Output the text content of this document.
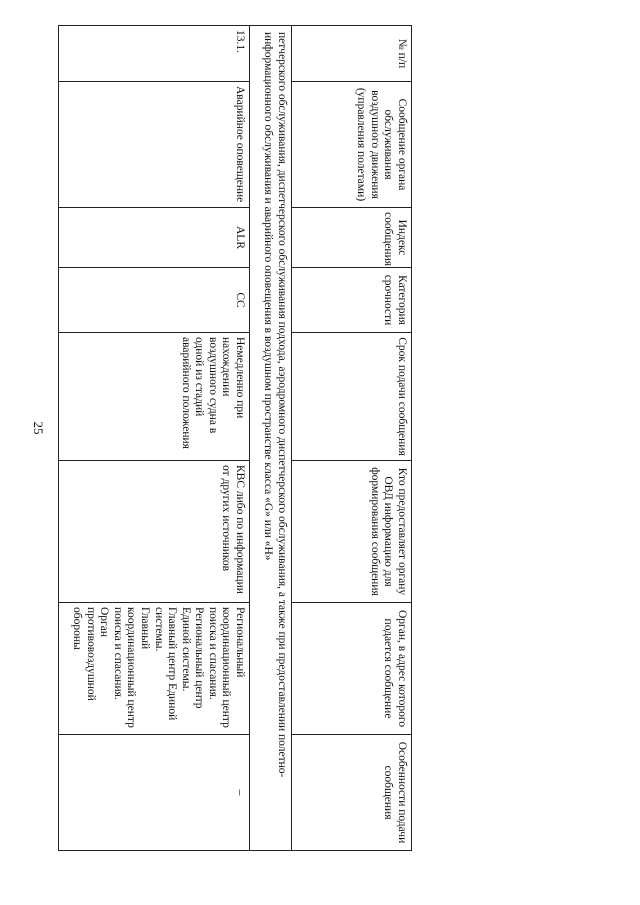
25
№ п/п	Сообщение органа обслуживания воздушного движения (управления полетами)	Индекс сообщения	Категория срочности	Срок подачи сообщения	Кто предоставляет органу ОВД информацию для формирования сообщения	Орган, в адрес которого подается сообщение	Особенности подачи сообщения
петчерского обслуживания, диспетчерского обслуживания подхода, аэродромного диспетчерского обслуживания, а также при предоставлении полетно-информационного обслуживания и аварийного оповещения в воздушном пространстве класса «G» или «H»							
13.1.	Аварийное оповещение	ALR	СС	Немедленно при нахождении воздушного судна в одной из стадий аварийного положения	КВС либо по информации от других источников	Региональный координационный центр поиска и спасания.
Региональный центр Единой системы.
Главный центр Единой системы.
Главный координационный центр поиска и спасания.
Орган противовоздушной обороны	–
